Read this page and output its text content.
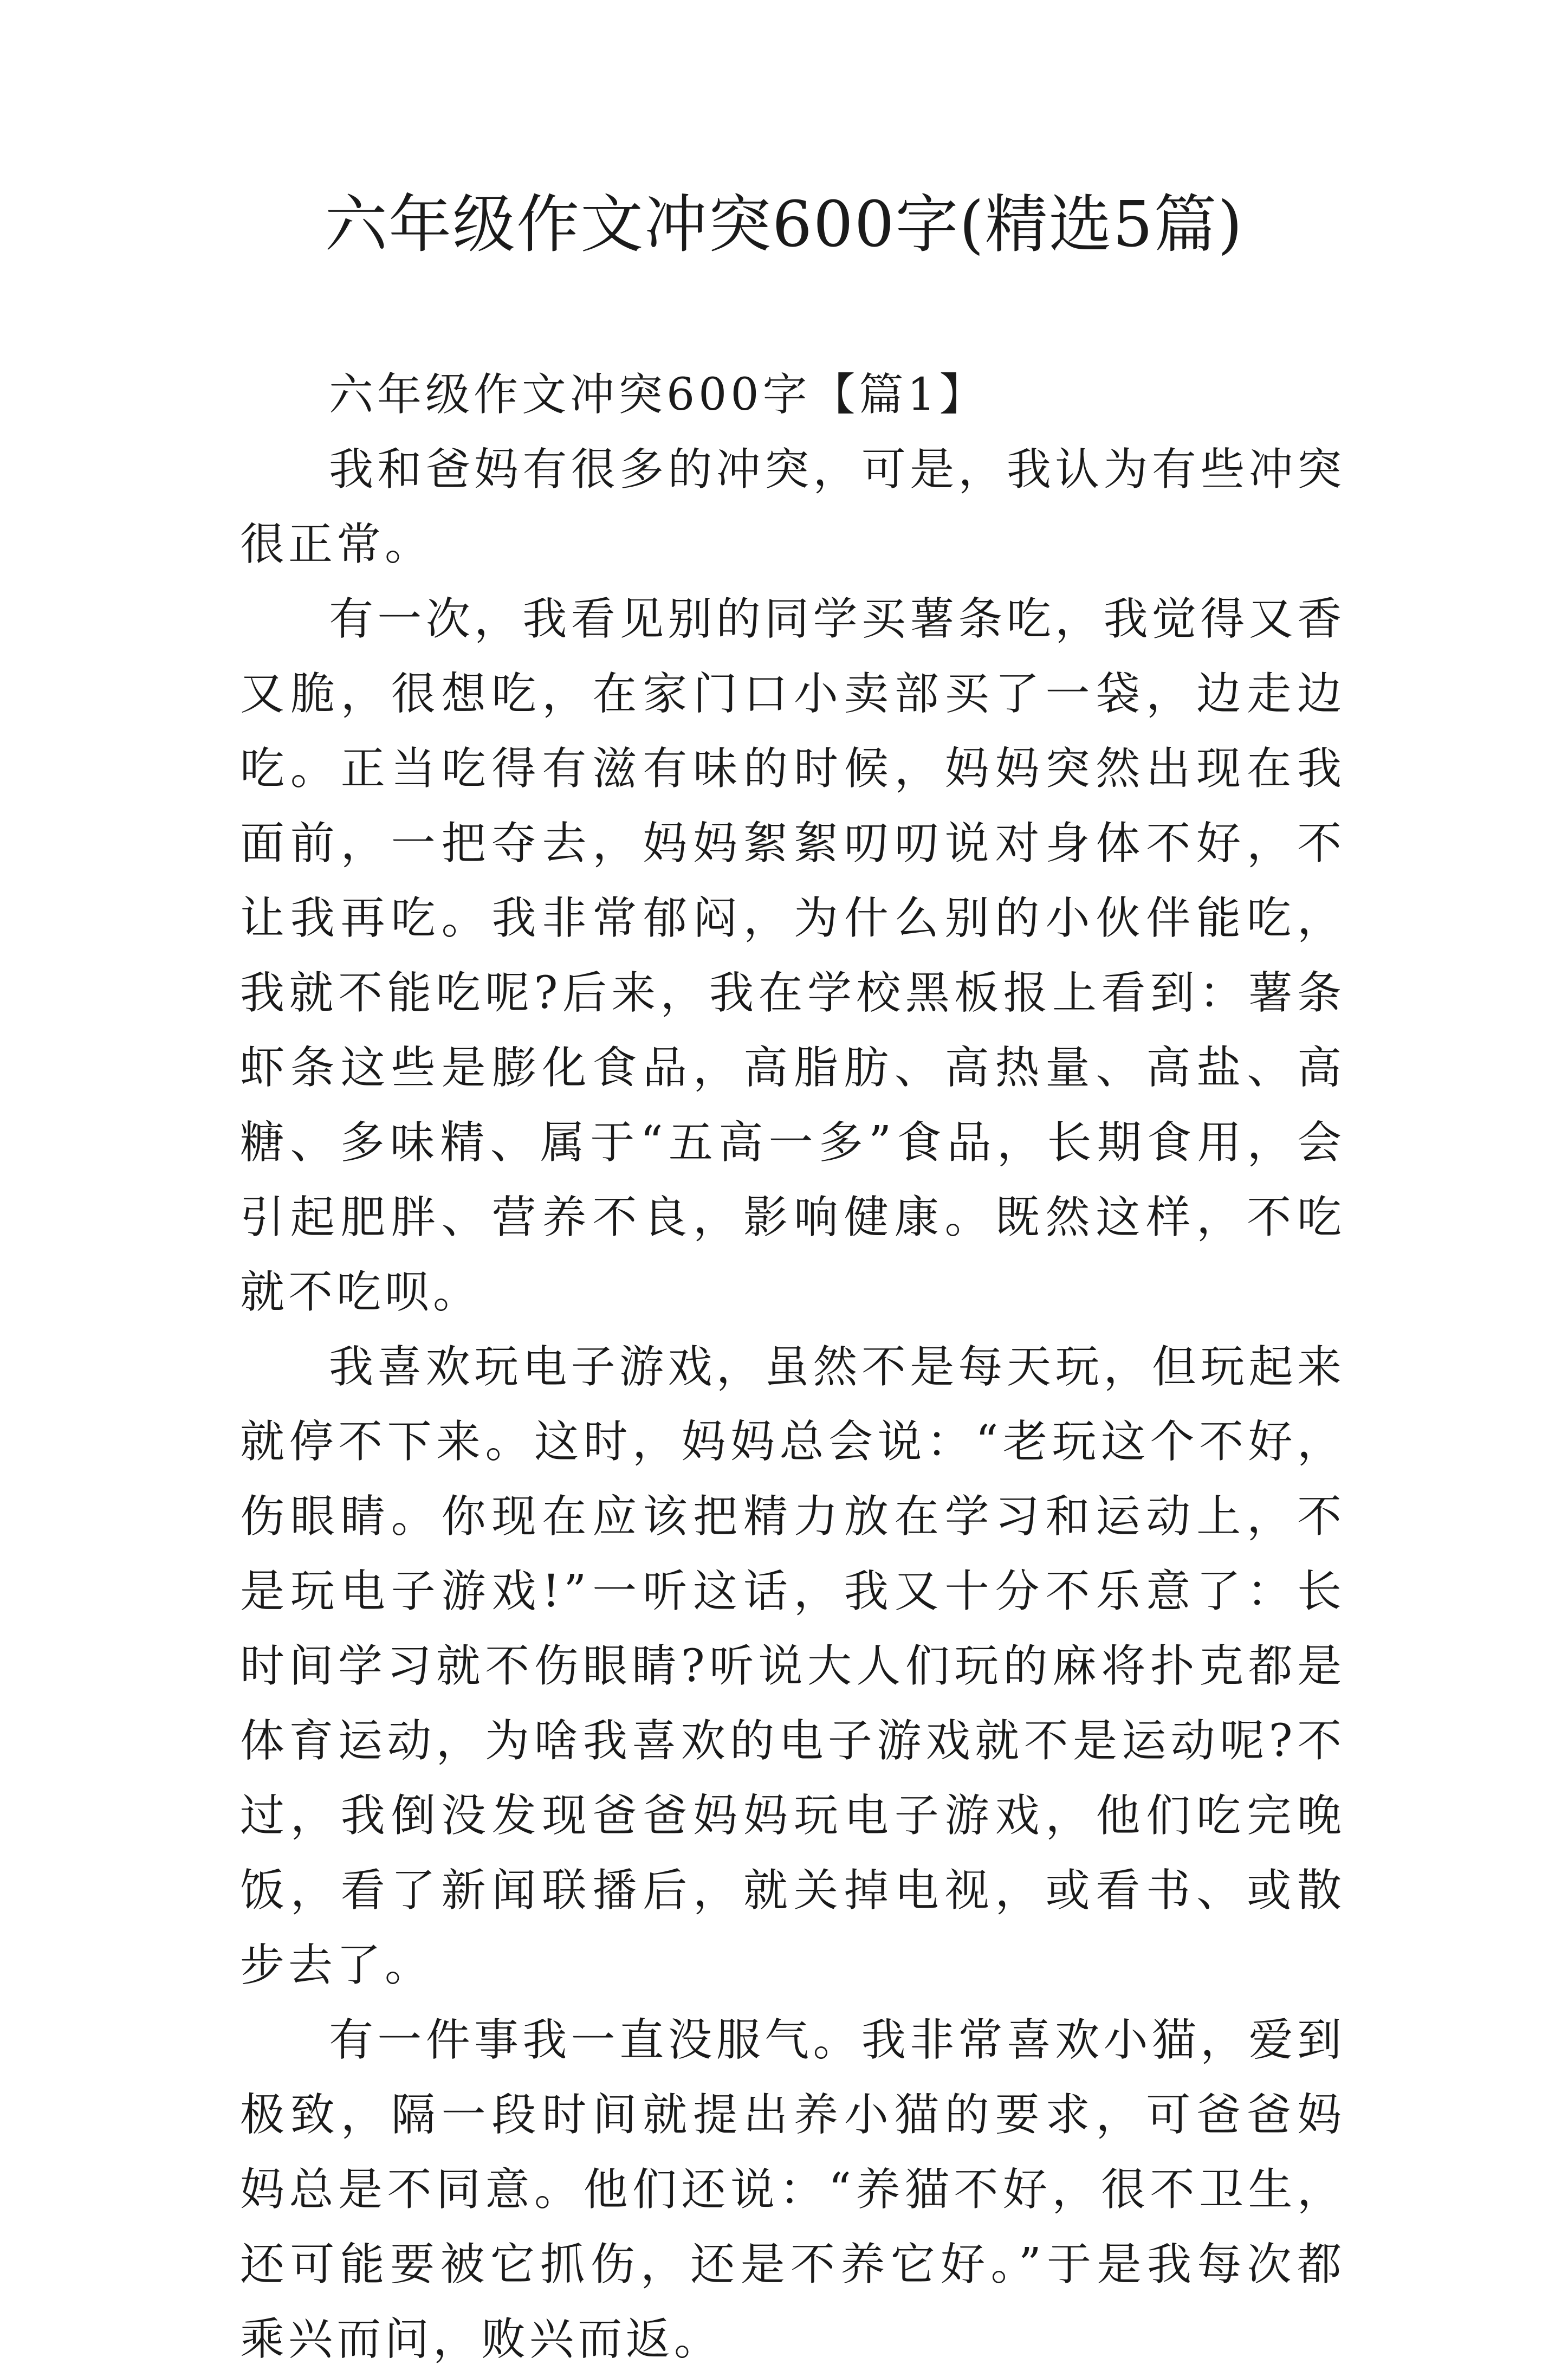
六年级作文冲突600字(精选5篇)

六年级作文冲突600字【篇1】

我和爸妈有很多的冲突，可是，我认为有些冲突很正常。

有一次，我看见别的同学买薯条吃，我觉得又香又脆，很想吃，在家门口小卖部买了一袋，边走边吃。正当吃得有滋有味的时候，妈妈突然出现在我面前，一把夺去，妈妈絮絮叨叨说对身体不好，不让我再吃。我非常郁闷，为什么别的小伙伴能吃，我就不能吃呢?后来，我在学校黑板报上看到：薯条虾条这些是膨化食品，高脂肪、高热量、高盐、高糖、多味精、属于“五高一多”食品，长期食用，会引起肥胖、营养不良，影响健康。既然这样，不吃就不吃呗。

我喜欢玩电子游戏，虽然不是每天玩，但玩起来就停不下来。这时，妈妈总会说：“老玩这个不好，伤眼睛。你现在应该把精力放在学习和运动上，不是玩电子游戏!”一听这话，我又十分不乐意了：长时间学习就不伤眼睛?听说大人们玩的麻将扑克都是体育运动，为啥我喜欢的电子游戏就不是运动呢?不过，我倒没发现爸爸妈妈玩电子游戏，他们吃完晚饭，看了新闻联播后，就关掉电视，或看书、或散步去了。

有一件事我一直没服气。我非常喜欢小猫，爱到极致，隔一段时间就提出养小猫的要求，可爸爸妈妈总是不同意。他们还说：“养猫不好，很不卫生，还可能要被它抓伤，还是不养它好。”于是我每次都乘兴而问，败兴而返。
